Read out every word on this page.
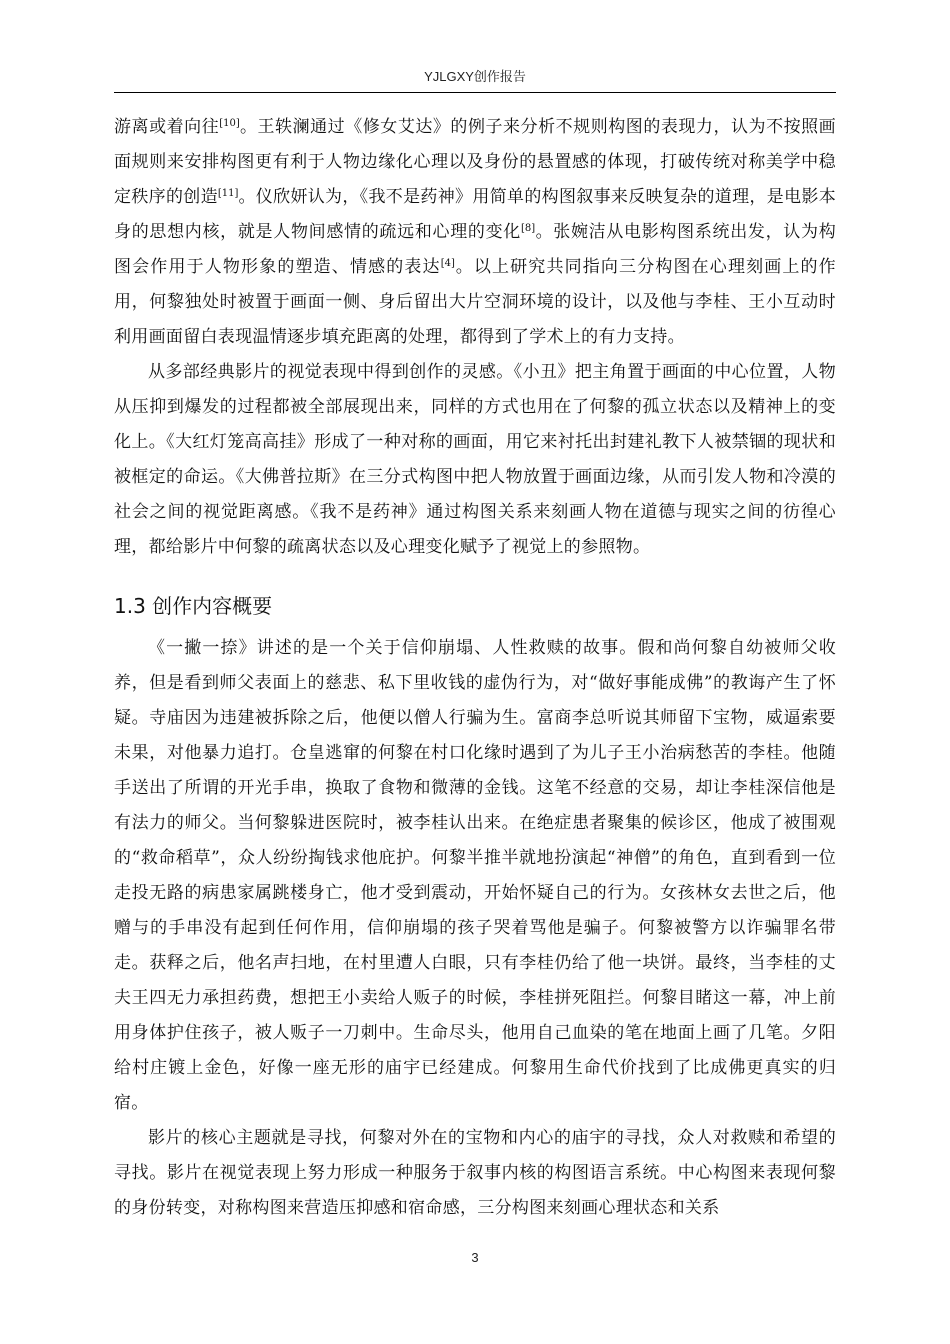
YJLGXY创作报告

游离或着向往[10]。王轶澜通过《修女艾达》的例子来分析不规则构图的表现力，认为不按照画面规则来安排构图更有利于人物边缘化心理以及身份的悬置感的体现，打破传统对称美学中稳定秩序的创造[11]。仪欣妍认为，《我不是药神》用简单的构图叙事来反映复杂的道理，是电影本身的思想内核，就是人物间感情的疏远和心理的变化[8]。张婉洁从电影构图系统出发，认为构图会作用于人物形象的塑造、情感的表达[4]。以上研究共同指向三分构图在心理刻画上的作用，何黎独处时被置于画面一侧、身后留出大片空洞环境的设计，以及他与李桂、王小互动时利用画面留白表现温情逐步填充距离的处理，都得到了学术上的有力支持。

从多部经典影片的视觉表现中得到创作的灵感。《小丑》把主角置于画面的中心位置，人物从压抑到爆发的过程都被全部展现出来，同样的方式也用在了何黎的孤立状态以及精神上的变化上。《大红灯笼高高挂》形成了一种对称的画面，用它来衬托出封建礼教下人被禁锢的现状和被框定的命运。《大佛普拉斯》在三分式构图中把人物放置于画面边缘，从而引发人物和冷漠的社会之间的视觉距离感。《我不是药神》通过构图关系来刻画人物在道德与现实之间的彷徨心理，都给影片中何黎的疏离状态以及心理变化赋予了视觉上的参照物。

1.3 创作内容概要

《一撇一捺》讲述的是一个关于信仰崩塌、人性救赎的故事。假和尚何黎自幼被师父收养，但是看到师父表面上的慈悲、私下里收钱的虚伪行为，对“做好事能成佛”的教诲产生了怀疑。寺庙因为违建被拆除之后，他便以僧人行骗为生。富商李总听说其师留下宝物，威逼索要未果，对他暴力追打。仓皇逃窜的何黎在村口化缘时遇到了为儿子王小治病愁苦的李桂。他随手送出了所谓的开光手串，换取了食物和微薄的金钱。这笔不经意的交易，却让李桂深信他是有法力的师父。当何黎躲进医院时，被李桂认出来。在绝症患者聚集的候诊区，他成了被围观的“救命稻草”，众人纷纷掏钱求他庇护。何黎半推半就地扮演起“神僧”的角色，直到看到一位走投无路的病患家属跳楼身亡，他才受到震动，开始怀疑自己的行为。女孩林女去世之后，他赠与的手串没有起到任何作用，信仰崩塌的孩子哭着骂他是骗子。何黎被警方以诈骗罪名带走。获释之后，他名声扫地，在村里遭人白眼，只有李桂仍给了他一块饼。最终，当李桂的丈夫王四无力承担药费，想把王小卖给人贩子的时候，李桂拼死阻拦。何黎目睹这一幕，冲上前用身体护住孩子，被人贩子一刀刺中。生命尽头，他用自己血染的笔在地面上画了几笔。夕阳给村庄镀上金色，好像一座无形的庙宇已经建成。何黎用生命代价找到了比成佛更真实的归宿。

影片的核心主题就是寻找，何黎对外在的宝物和内心的庙宇的寻找，众人对救赎和希望的寻找。影片在视觉表现上努力形成一种服务于叙事内核的构图语言系统。中心构图来表现何黎的身份转变，对称构图来营造压抑感和宿命感，三分构图来刻画心理状态和关系

3
